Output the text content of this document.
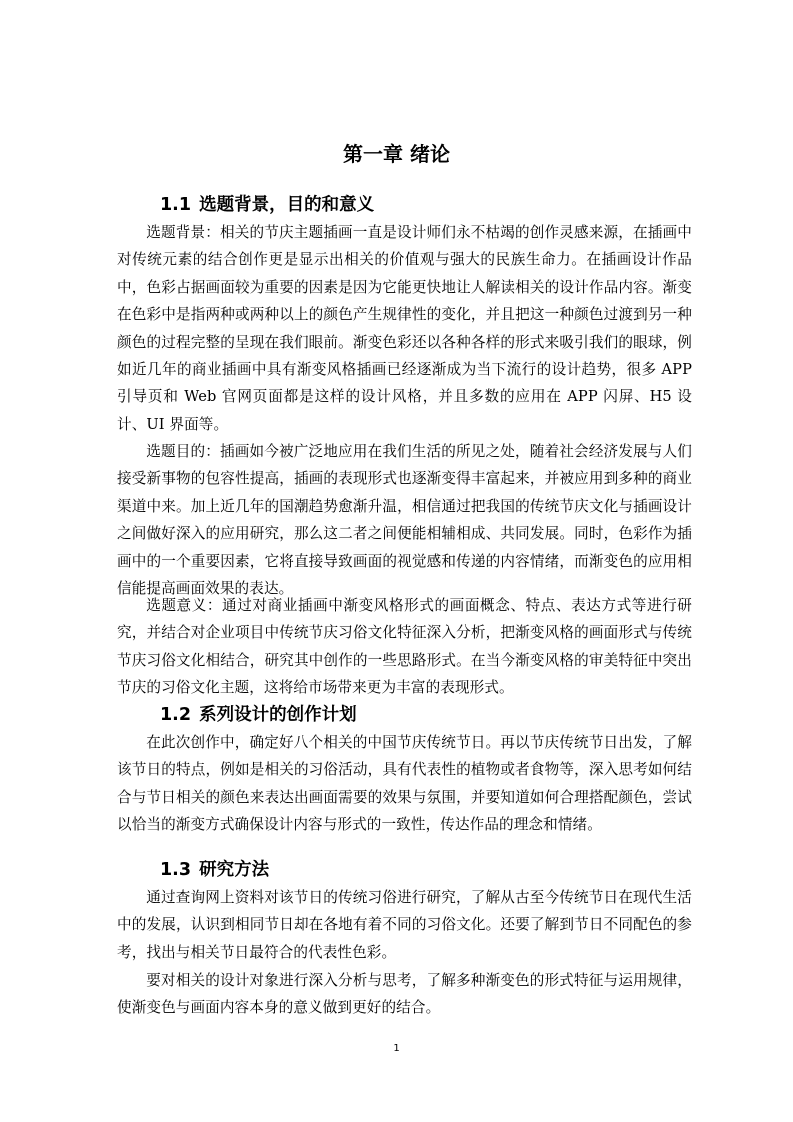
第一章 绪论
1.1 选题背景，目的和意义

选题背景：相关的节庆主题插画一直是设计师们永不枯竭的创作灵感来源，在插画中对传统元素的结合创作更是显示出相关的价值观与强大的民族生命力。在插画设计作品中，色彩占据画面较为重要的因素是因为它能更快地让人解读相关的设计作品内容。渐变在色彩中是指两种或两种以上的颜色产生规律性的变化，并且把这一种颜色过渡到另一种颜色的过程完整的呈现在我们眼前。渐变色彩还以各种各样的形式来吸引我们的眼球，例如近几年的商业插画中具有渐变风格插画已经逐渐成为当下流行的设计趋势，很多 APP 引导页和 Web 官网页面都是这样的设计风格，并且多数的应用在 APP 闪屏、H5 设计、UI 界面等。

选题目的：插画如今被广泛地应用在我们生活的所见之处，随着社会经济发展与人们接受新事物的包容性提高，插画的表现形式也逐渐变得丰富起来，并被应用到多种的商业渠道中来。加上近几年的国潮趋势愈渐升温，相信通过把我国的传统节庆文化与插画设计之间做好深入的应用研究，那么这二者之间便能相辅相成、共同发展。同时，色彩作为插画中的一个重要因素，它将直接导致画面的视觉感和传递的内容情绪，而渐变色的应用相信能提高画面效果的表达。

选题意义：通过对商业插画中渐变风格形式的画面概念、特点、表达方式等进行研究，并结合对企业项目中传统节庆习俗文化特征深入分析，把渐变风格的画面形式与传统节庆习俗文化相结合，研究其中创作的一些思路形式。在当今渐变风格的审美特征中突出节庆的习俗文化主题，这将给市场带来更为丰富的表现形式。

1.2 系列设计的创作计划

在此次创作中，确定好八个相关的中国节庆传统节日。再以节庆传统节日出发，了解该节日的特点，例如是相关的习俗活动，具有代表性的植物或者食物等，深入思考如何结合与节日相关的颜色来表达出画面需要的效果与氛围，并要知道如何合理搭配颜色，尝试以恰当的渐变方式确保设计内容与形式的一致性，传达作品的理念和情绪。

1.3 研究方法

通过查询网上资料对该节日的传统习俗进行研究，了解从古至今传统节日在现代生活中的发展，认识到相同节日却在各地有着不同的习俗文化。还要了解到节日不同配色的参考，找出与相关节日最符合的代表性色彩。

要对相关的设计对象进行深入分析与思考，了解多种渐变色的形式特征与运用规律，使渐变色与画面内容本身的意义做到更好的结合。

1
